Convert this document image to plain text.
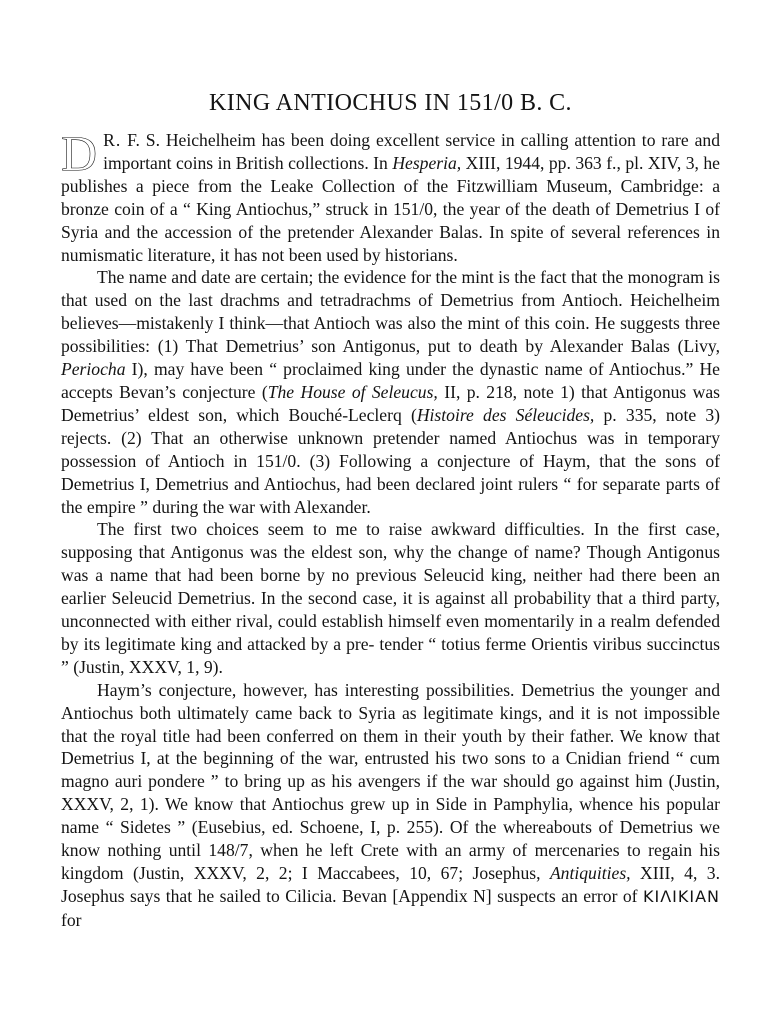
KING ANTIOCHUS IN 151/0 B. C.

D R. F. S. Heichelheim has been doing excellent service in calling attention to rare and important coins in British collections. In Hesperia, XIII, 1944, pp. 363 f., pl. XIV, 3, he publishes a piece from the Leake Collection of the Fitzwilliam Museum, Cambridge: a bronze coin of a “ King Antiochus,” struck in 151/0, the year of the death of Demetrius I of Syria and the accession of the pretender Alexander Balas. In spite of several references in numismatic literature, it has not been used by historians.

The name and date are certain; the evidence for the mint is the fact that the monogram is that used on the last drachms and tetradrachms of Demetrius from Antioch. Heichelheim believes—mistakenly I think—that Antioch was also the mint of this coin. He suggests three possibilities: (1) That Demetrius’ son Antigonus, put to death by Alexander Balas (Livy, Periocha I), may have been “ proclaimed king under the dynastic name of Antiochus.” He accepts Bevan’s conjecture (The House of Seleucus, II, p. 218, note 1) that Antigonus was Demetrius’ eldest son, which Bouché-Leclerq (Histoire des Séleucides, p. 335, note 3) rejects. (2) That an otherwise unknown pretender named Antiochus was in temporary possession of Antioch in 151/0. (3) Following a conjecture of Haym, that the sons of Demetrius I, Demetrius and Antiochus, had been declared joint rulers “ for separate parts of the empire ” during the war with Alexander.

The first two choices seem to me to raise awkward difficulties. In the first case, supposing that Antigonus was the eldest son, why the change of name? Though Antigonus was a name that had been borne by no previous Seleucid king, neither had there been an earlier Seleucid Demetrius. In the second case, it is against all probability that a third party, unconnected with either rival, could establish himself even momentarily in a realm defended by its legitimate king and attacked by a pre- tender “ totius ferme Orientis viribus succinctus ” (Justin, XXXV, 1, 9).

Haym’s conjecture, however, has interesting possibilities. Demetrius the younger and Antiochus both ultimately came back to Syria as legitimate kings, and it is not impossible that the royal title had been conferred on them in their youth by their father. We know that Demetrius I, at the beginning of the war, entrusted his two sons to a Cnidian friend “ cum magno auri pondere ” to bring up as his avengers if the war should go against him (Justin, XXXV, 2, 1). We know that Antiochus grew up in Side in Pamphylia, whence his popular name “ Sidetes ” (Eusebius, ed. Schoene, I, p. 255). Of the whereabouts of Demetrius we know nothing until 148/7, when he left Crete with an army of mercenaries to regain his kingdom (Justin, XXXV, 2, 2; I Maccabees, 10, 67; Josephus, Antiquities, XIII, 4, 3. Josephus says that he sailed to Cilicia. Bevan [Appendix N] suspects an error of ΚΙΛΙΚΙΑΝ for
